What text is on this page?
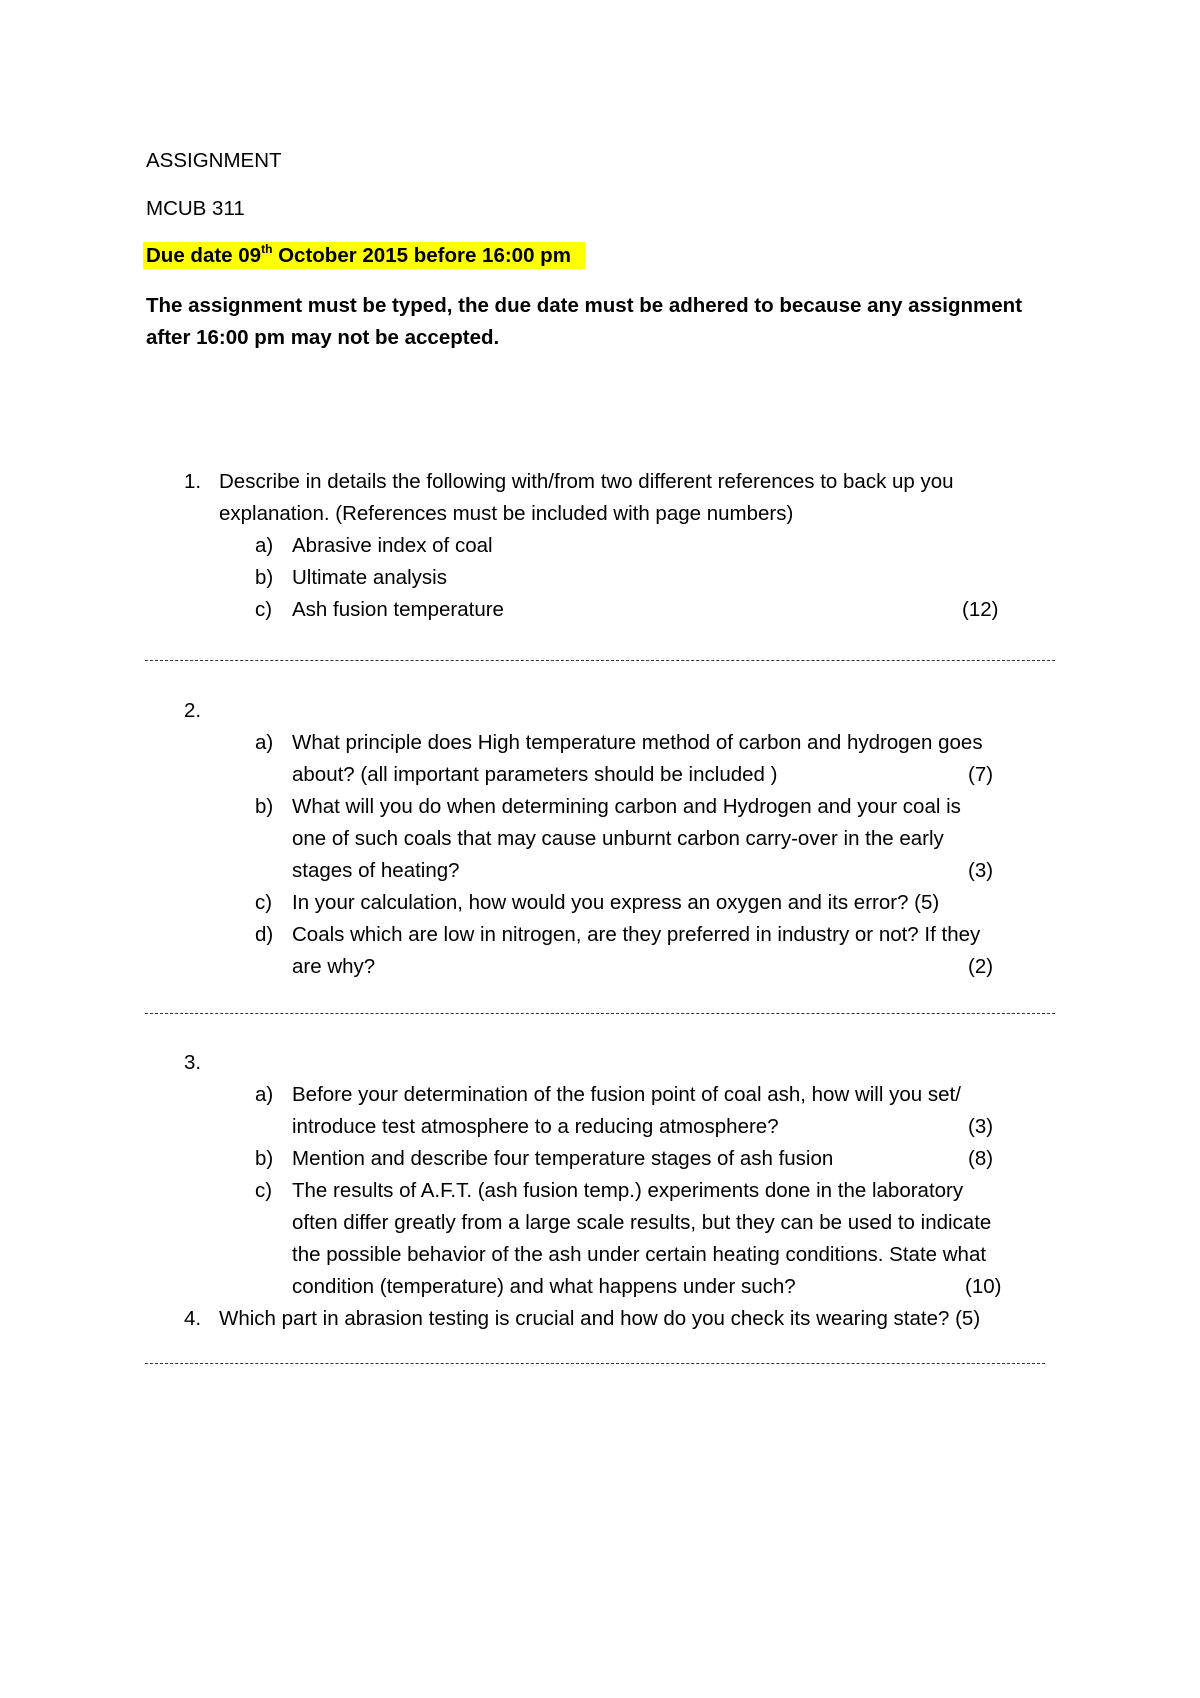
ASSIGNMENT
MCUB 311
Due date 09th October 2015 before 16:00 pm
The assignment must be typed, the due date must be adhered to because any assignment
after 16:00 pm may not be accepted.
1. Describe in details the following with/from two different references to back up you
explanation. (References must be included with page numbers)
a) Abrasive index of coal
b) Ultimate analysis
c) Ash fusion temperature	(12)
2.
a) What principle does High temperature method of carbon and hydrogen goes
about? (all important parameters should be included )	(7)
b) What will you do when determining carbon and Hydrogen and your coal is
one of such coals that may cause unburnt carbon carry-over in the early
stages of heating?	(3)
c) In your calculation, how would you express an oxygen and its error? (5)
d) Coals which are low in nitrogen, are they preferred in industry or not? If they
are why?	(2)
3.
a) Before your determination of the fusion point of coal ash, how will you set/
introduce test atmosphere to a reducing atmosphere?	(3)
b) Mention and describe four temperature stages of ash fusion	(8)
c) The results of A.F.T. (ash fusion temp.) experiments done in the laboratory
often differ greatly from a large scale results, but they can be used to indicate
the possible behavior of the ash under certain heating conditions. State what
condition (temperature) and what happens under such?	(10)
4. Which part in abrasion testing is crucial and how do you check its wearing state? (5)
